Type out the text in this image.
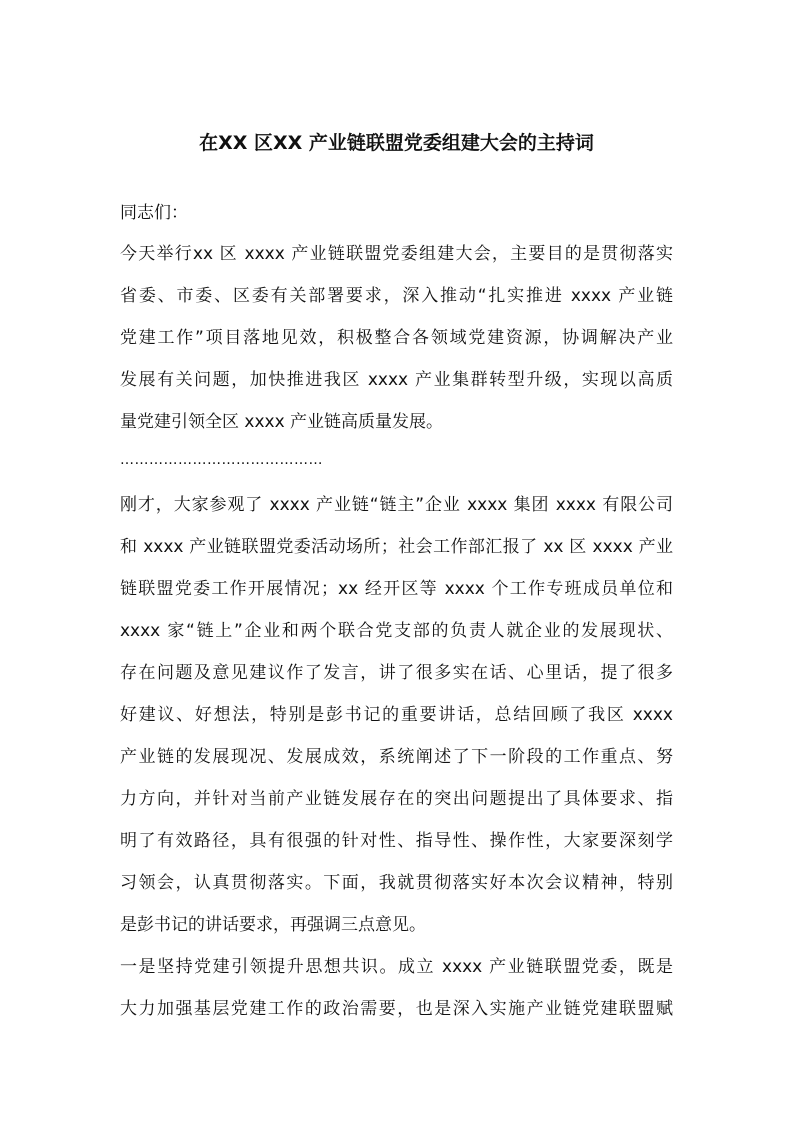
在XX 区XX 产业链联盟党委组建大会的主持词
同志们：
今天举行xx 区 xxxx 产业链联盟党委组建大会，主要目的是贯彻落实
省委、市委、区委有关部署要求，深入推动“扎实推进 xxxx 产业链
党建工作”项目落地见效，积极整合各领域党建资源，协调解决产业
发展有关问题，加快推进我区 xxxx 产业集群转型升级，实现以高质
量党建引领全区 xxxx 产业链高质量发展。
……………………………………
刚才，大家参观了 xxxx 产业链“链主”企业 xxxx 集团 xxxx 有限公司
和 xxxx 产业链联盟党委活动场所；社会工作部汇报了 xx 区 xxxx 产业
链联盟党委工作开展情况；xx 经开区等 xxxx 个工作专班成员单位和
xxxx 家“链上”企业和两个联合党支部的负责人就企业的发展现状、
存在问题及意见建议作了发言，讲了很多实在话、心里话，提了很多
好建议、好想法，特别是彭书记的重要讲话，总结回顾了我区 xxxx
产业链的发展现况、发展成效，系统阐述了下一阶段的工作重点、努
力方向，并针对当前产业链发展存在的突出问题提出了具体要求、指
明了有效路径，具有很强的针对性、指导性、操作性，大家要深刻学
习领会，认真贯彻落实。下面，我就贯彻落实好本次会议精神，特别
是彭书记的讲话要求，再强调三点意见。
一是坚持党建引领提升思想共识。成立 xxxx 产业链联盟党委，既是
大力加强基层党建工作的政治需要，也是深入实施产业链党建联盟赋
